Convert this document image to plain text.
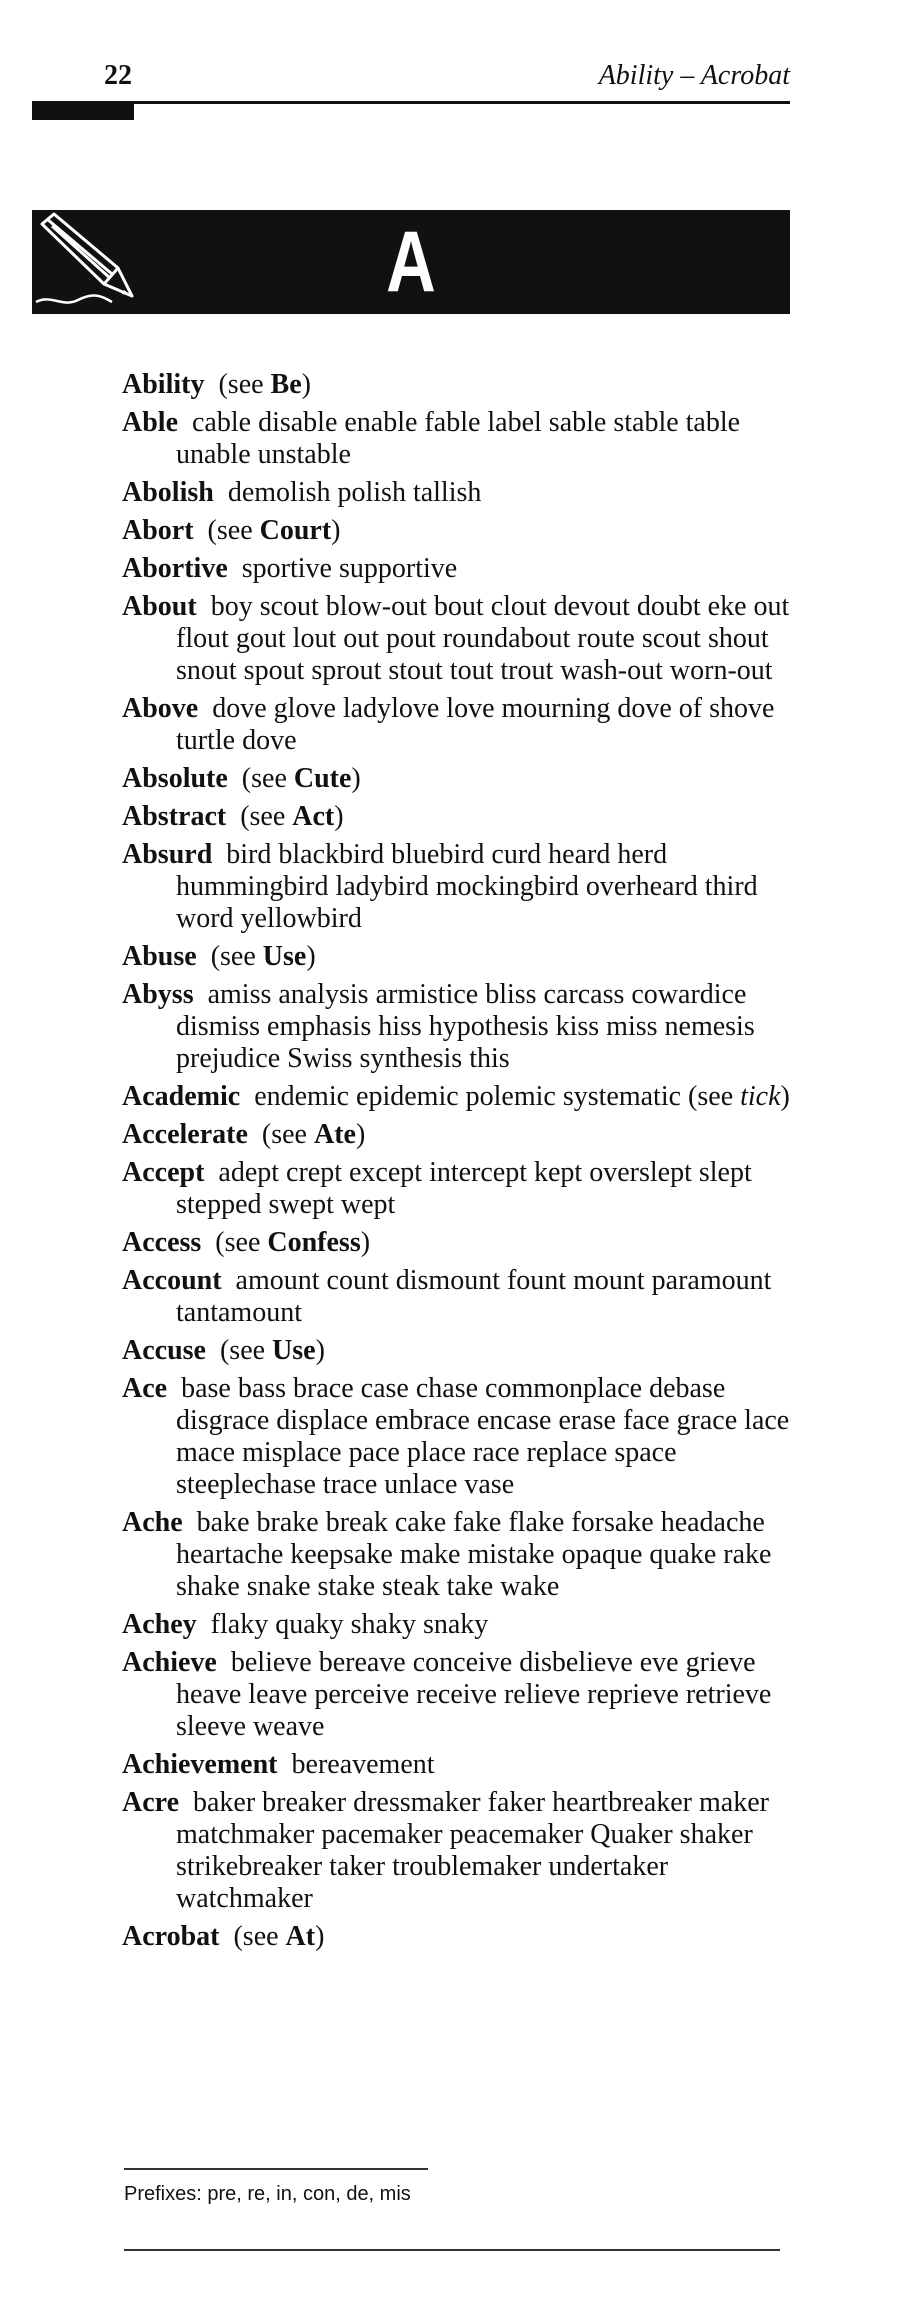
22	Ability – Acrobat
A
Ability  (see Be)
Able cable disable enable fable label sable stable table unable unstable
Abolish demolish polish tallish
Abort  (see Court)
Abortive sportive supportive
About boy scout blow-out bout clout devout doubt eke out flout gout lout out pout roundabout route scout shout snout spout sprout stout tout trout wash-out worn-out
Above dove glove ladylove love mourning dove of shove turtle dove
Absolute  (see Cute)
Abstract  (see Act)
Absurd bird blackbird bluebird curd heard herd hummingbird ladybird mockingbird overheard third word yellowbird
Abuse  (see Use)
Abyss amiss analysis armistice bliss carcass cowardice dismiss emphasis hiss hypothesis kiss miss nemesis prejudice Swiss synthesis this
Academic endemic epidemic polemic systematic (see tick)
Accelerate  (see Ate)
Accept adept crept except intercept kept overslept slept stepped swept wept
Access  (see Confess)
Account amount count dismount fount mount paramount tantamount
Accuse  (see Use)
Ace base bass brace case chase commonplace debase disgrace displace embrace encase erase face grace lace mace misplace pace place race replace space steeplechase trace unlace vase
Ache bake brake break cake fake flake forsake headache heartache keepsake make mistake opaque quake rake shake snake stake steak take wake
Achey flaky quaky shaky snaky
Achieve believe bereave conceive disbelieve eve grieve heave leave perceive receive relieve reprieve retrieve sleeve weave
Achievement bereavement
Acre baker breaker dressmaker faker heartbreaker maker matchmaker pacemaker peacemaker Quaker shaker strikebreaker taker troublemaker undertaker watchmaker
Acrobat  (see At)
Prefixes: pre, re, in, con, de, mis
